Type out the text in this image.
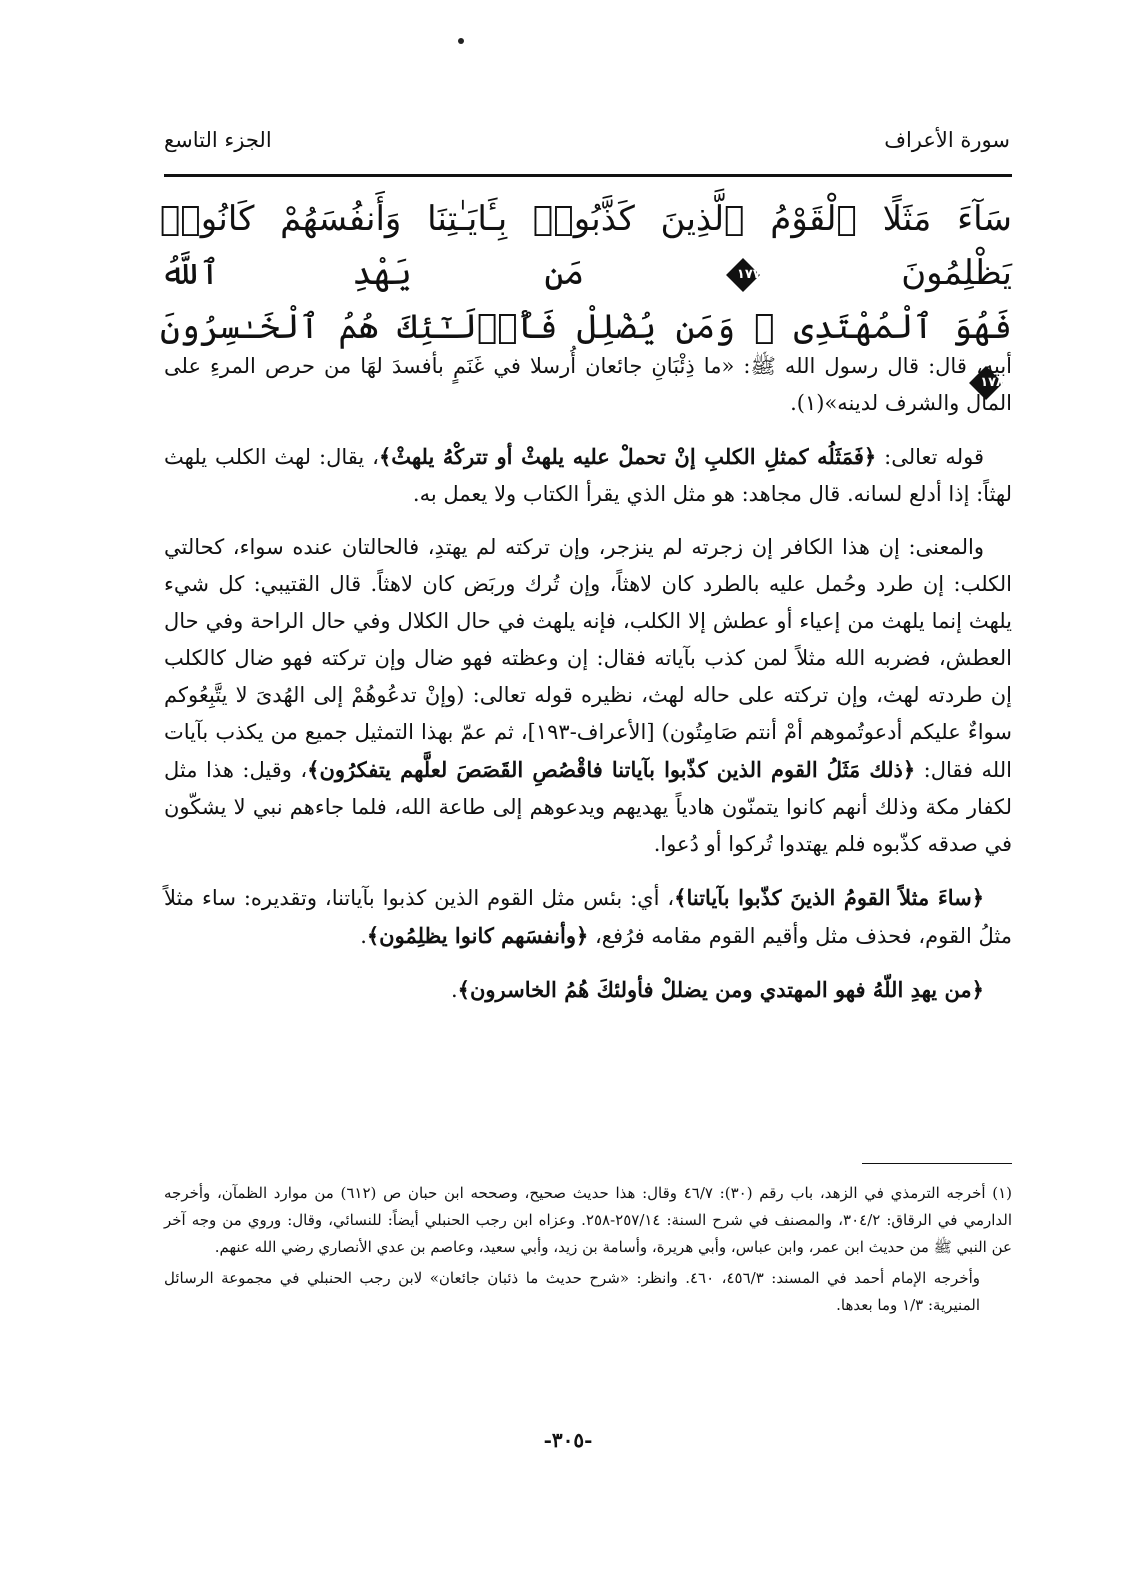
سورة الأعراف
الجزء التاسع
سَآءَ مَثَلًا ٱلْقَوْمُ ٱلَّذِينَ كَذَّبُوا۟ بِـَٔايَـٰتِنَا وَأَنفُسَهُمْ كَانُوا۟ يَظْلِمُونَ
١٧٧
مَن يَهْدِ ٱللَّهُ
فَهُوَ ٱلْمُهْتَدِى ۖ وَمَن يُضْلِلْ فَأُو۟لَـٰٓئِكَ هُمُ ٱلْخَـٰسِرُونَ
١٧٨

أبيه، قال: قال رسول الله ﷺ: «ما ذِئْبَانِ جائعان أُرسلا في غَنَمٍ بأفسدَ لهَا من حرص المرءِ على المال والشرف لدينه»(١).

قوله تعالى: ﴿فَمَثَلُه كمثلِ الكلبِ إنْ تحملْ عليه يلهثْ أو تتركْهُ يلهثْ﴾، يقال: لهث الكلب يلهث لهثاً: إذا أدلع لسانه. قال مجاهد: هو مثل الذي يقرأ الكتاب ولا يعمل به.

والمعنى: إن هذا الكافر إن زجرته لم ينزجر، وإن تركته لم يهتدِ، فالحالتان عنده سواء، كحالتي الكلب: إن طرد وحُمل عليه بالطرد كان لاهثاً، وإن تُرك وربَض كان لاهثاً. قال القتيبي: كل شيء يلهث إنما يلهث من إعياء أو عطش إلا الكلب، فإنه يلهث في حال الكلال وفي حال الراحة وفي حال العطش، فضربه الله مثلاً لمن كذب بآياته فقال: إن وعظته فهو ضال وإن تركته فهو ضال كالكلب إن طردته لهث، وإن تركته على حاله لهث، نظيره قوله تعالى: (وإنْ تدعُوهُمْ إلى الهُدىَ لا يتَّبِعُوكم سواءٌ عليكم أدعوتُموهم أمْ أنتم صَامِتُون) [الأعراف-١٩٣]، ثم عمّ بهذا التمثيل جميع من يكذب بآيات الله فقال: ﴿ذلك مَثَلُ القوم الذين كذّبوا بآياتنا فاقْصُصِ القَصَصَ لعلَّهم يتفكرُون﴾، وقيل: هذا مثل لكفار مكة وذلك أنهم كانوا يتمنّون هادياً يهديهم ويدعوهم إلى طاعة الله، فلما جاءهم نبي لا يشكّون في صدقه كذّبوه فلم يهتدوا تُركوا أو دُعوا.

﴿ساءَ مثلاً القومُ الذينَ كذّبوا بآياتنا﴾، أي: بئس مثل القوم الذين كذبوا بآياتنا، وتقديره: ساء مثلاً مثلُ القوم، فحذف مثل وأقيم القوم مقامه فرُفع، ﴿وأنفسَهم كانوا يظلِمُون﴾.

﴿من يهدِ اللّهُ فهو المهتدي ومن يضللْ فأولئكَ هُمُ الخاسرون﴾.

(١) أخرجه الترمذي في الزهد، باب رقم (٣٠): ٤٦/٧ وقال: هذا حديث صحيح، وصححه ابن حبان ص (٦١٢) من موارد الظمآن، وأخرجه الدارمي في الرقاق: ٣٠٤/٢، والمصنف في شرح السنة: ٢٥٧/١٤-٢٥٨. وعزاه ابن رجب الحنبلي أيضاً: للنسائي، وقال: وروي من وجه آخر عن النبي ﷺ من حديث ابن عمر، وابن عباس، وأبي هريرة، وأسامة بن زيد، وأبي سعيد، وعاصم بن عدي الأنصاري رضي الله عنهم.

وأخرجه الإمام أحمد في المسند: ٤٥٦/٣، ٤٦٠. وانظر: «شرح حديث ما ذئبان جائعان» لابن رجب الحنبلي في مجموعة الرسائل المنيرية: ١/٣ وما بعدها.

-٣٠٥-
